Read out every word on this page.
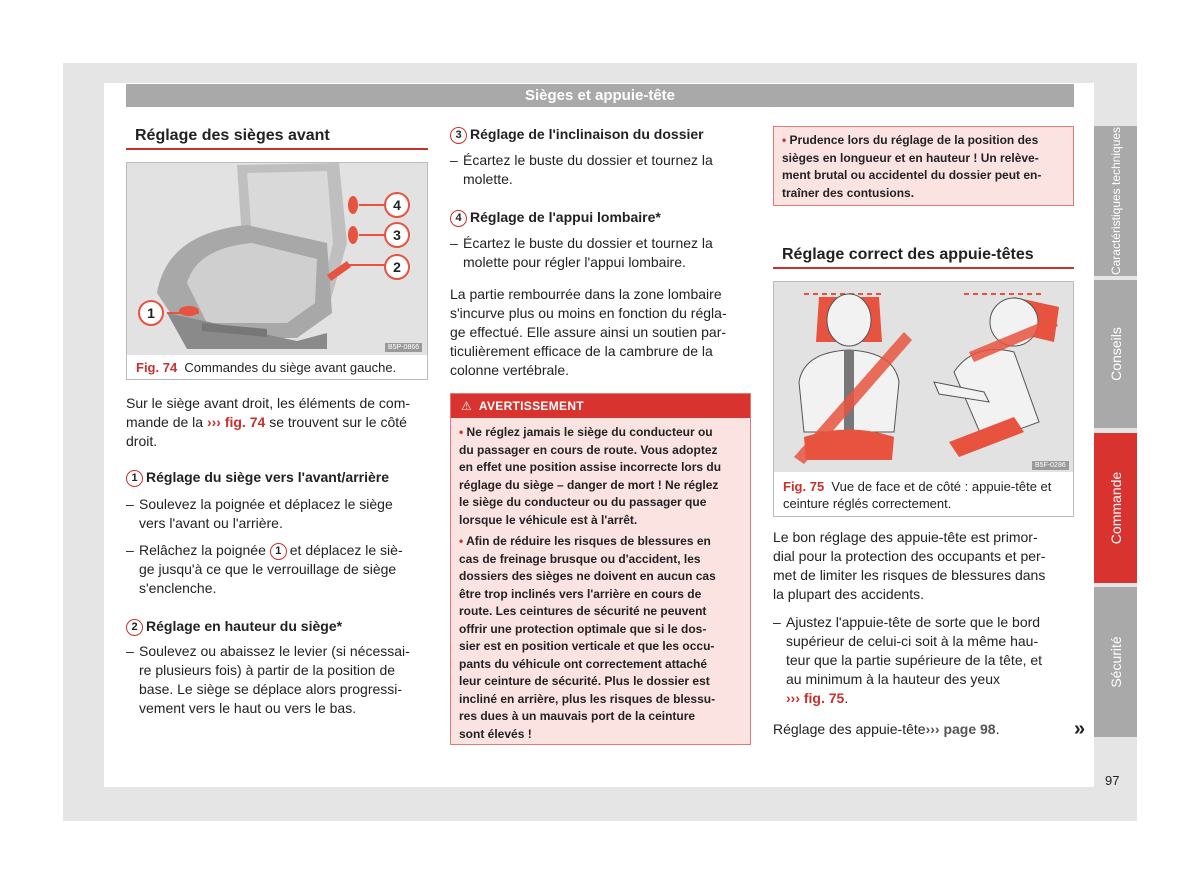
Sièges et appuie-tête
Réglage des sièges avant
4
3
2
1
B5P-0866
Fig. 74 Commandes du siège avant gauche.
Sur le siège avant droit, les éléments de com-
mande de la ››› fig. 74 se trouvent sur le côté
droit.
1 Réglage du siège vers l'avant/arrière
– Soulevez la poignée et déplacez le siège
vers l'avant ou l'arrière.
– Relâchez la poignée 1 et déplacez le siè-
ge jusqu'à ce que le verrouillage de siège
s'enclenche.
2 Réglage en hauteur du siège*
– Soulevez ou abaissez le levier (si nécessai-
re plusieurs fois) à partir de la position de
base. Le siège se déplace alors progressi-
vement vers le haut ou vers le bas.
3 Réglage de l'inclinaison du dossier
– Écartez le buste du dossier et tournez la
molette.
4 Réglage de l'appui lombaire*
– Écartez le buste du dossier et tournez la
molette pour régler l'appui lombaire.
La partie rembourrée dans la zone lombaire
s'incurve plus ou moins en fonction du régla-
ge effectué. Elle assure ainsi un soutien par-
ticulièrement efficace de la cambrure de la
colonne vertébrale.
⚠ AVERTISSEMENT
• Ne réglez jamais le siège du conducteur ou
du passager en cours de route. Vous adoptez
en effet une position assise incorrecte lors du
réglage du siège – danger de mort ! Ne réglez
le siège du conducteur ou du passager que
lorsque le véhicule est à l'arrêt.
• Afin de réduire les risques de blessures en
cas de freinage brusque ou d'accident, les
dossiers des sièges ne doivent en aucun cas
être trop inclinés vers l'arrière en cours de
route. Les ceintures de sécurité ne peuvent
offrir une protection optimale que si le dos-
sier est en position verticale et que les occu-
pants du véhicule ont correctement attaché
leur ceinture de sécurité. Plus le dossier est
incliné en arrière, plus les risques de blessu-
res dues à un mauvais port de la ceinture
sont élevés !
• Prudence lors du réglage de la position des
sièges en longueur et en hauteur ! Un relève-
ment brutal ou accidentel du dossier peut en-
traîner des contusions.
Réglage correct des appuie-têtes
B5F-0286
Fig. 75 Vue de face et de côté : appuie-tête et
ceinture réglés correctement.
Le bon réglage des appuie-tête est primor-
dial pour la protection des occupants et per-
met de limiter les risques de blessures dans
la plupart des accidents.
– Ajustez l'appuie-tête de sorte que le bord
supérieur de celui-ci soit à la même hau-
teur que la partie supérieure de la tête, et
au minimum à la hauteur des yeux
››› fig. 75.
Réglage des appuie-tête››› page 98.	»
Caractéristiques techniques
Conseils
Commande
Sécurité
97
